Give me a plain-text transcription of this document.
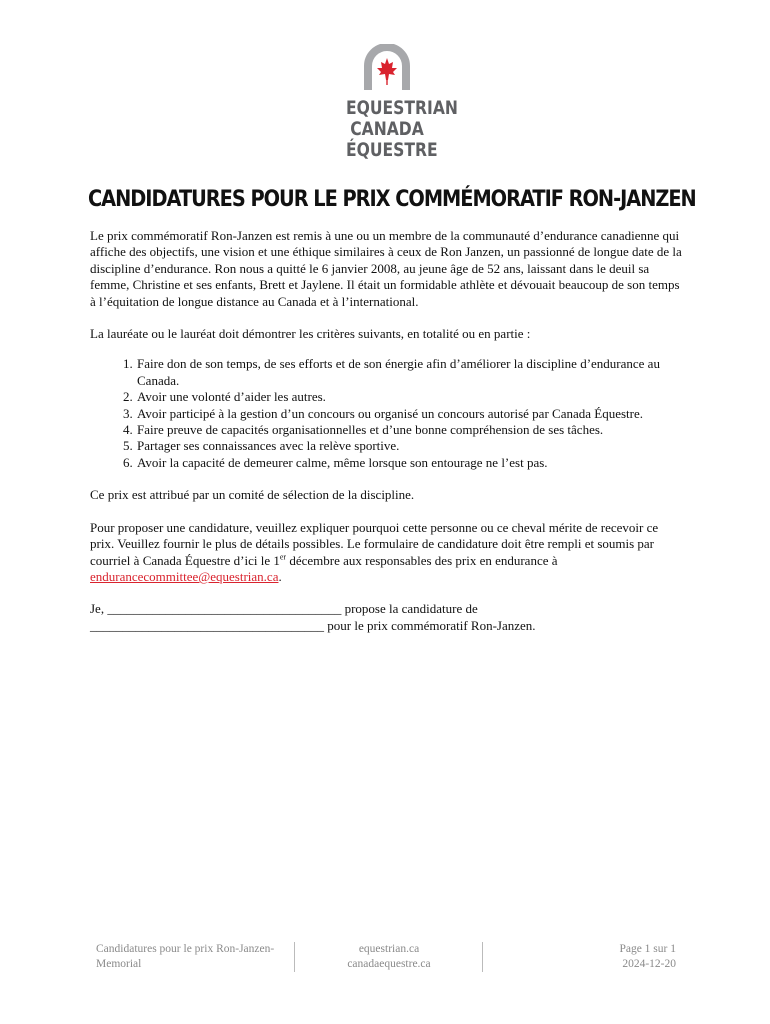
EQUESTRIAN
CANADA
ÉQUESTRE
CANDIDATURES POUR LE PRIX COMMÉMORATIF RON-JANZEN

Le prix commémoratif Ron-Janzen est remis à une ou un membre de la communauté d’endurance canadienne qui affiche des objectifs, une vision et une éthique similaires à ceux de Ron Janzen, un passionné de longue date de la discipline d’endurance. Ron nous a quitté le 6 janvier 2008, au jeune âge de 52 ans, laissant dans le deuil sa femme, Christine et ses enfants, Brett et Jaylene. Il était un formidable athlète et dévouait beaucoup de son temps à l’équitation de longue distance au Canada et à l’international.

La lauréate ou le lauréat doit démontrer les critères suivants, en totalité ou en partie :

1. Faire don de son temps, de ses efforts et de son énergie afin d’améliorer la discipline d’endurance au Canada.
2. Avoir une volonté d’aider les autres.
3. Avoir participé à la gestion d’un concours ou organisé un concours autorisé par Canada Équestre.
4. Faire preuve de capacités organisationnelles et d’une bonne compréhension de ses tâches.
5. Partager ses connaissances avec la relève sportive.
6. Avoir la capacité de demeurer calme, même lorsque son entourage ne l’est pas.

Ce prix est attribué par un comité de sélection de la discipline.

Pour proposer une candidature, veuillez expliquer pourquoi cette personne ou ce cheval mérite de recevoir ce prix. Veuillez fournir le plus de détails possibles. Le formulaire de candidature doit être rempli et soumis par courriel à Canada Équestre d’ici le 1er décembre aux responsables des prix en endurance à endurancecommittee@equestrian.ca.

Je, ____________________________________ propose la candidature de
____________________________________ pour le prix commémoratif Ron-Janzen.

Candidatures pour le prix Ron-Janzen-Memorial
equestrian.ca
canadaequestre.ca
Page 1 sur 1
2024-12-20
